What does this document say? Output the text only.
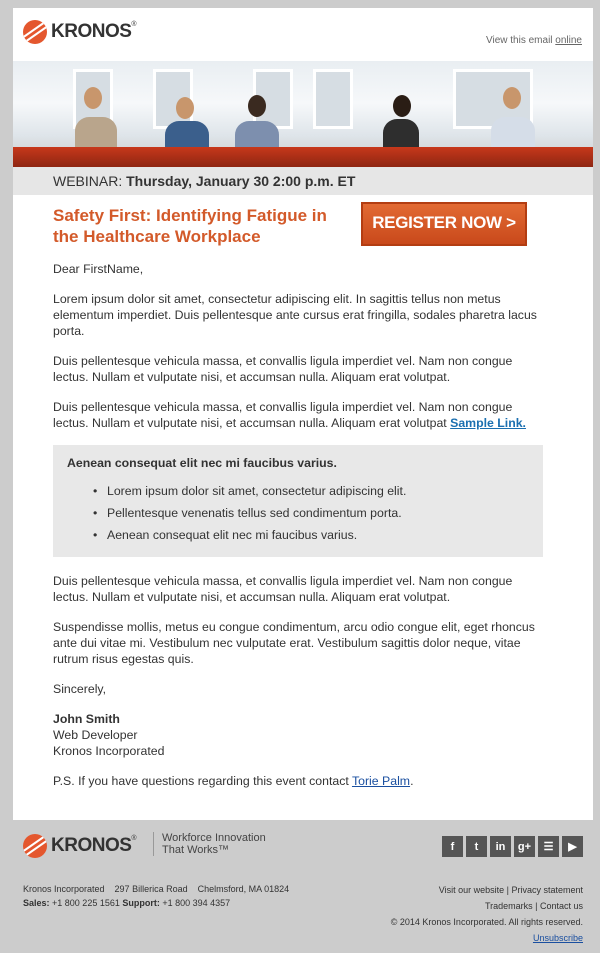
KRONOS®
View this email online
WEBINAR: Thursday, January 30 2:00 p.m. ET
Safety First: Identifying Fatigue in the Healthcare Workplace
REGISTER NOW >

Dear FirstName,

Lorem ipsum dolor sit amet, consectetur adipiscing elit. In sagittis tellus non metus elementum imperdiet. Duis pellentesque ante cursus erat fringilla, sodales pharetra lacus porta.

Duis pellentesque vehicula massa, et convallis ligula imperdiet vel. Nam non congue lectus. Nullam et vulputate nisi, et accumsan nulla. Aliquam erat volutpat.

Duis pellentesque vehicula massa, et convallis ligula imperdiet vel. Nam non congue lectus. Nullam et vulputate nisi, et accumsan nulla. Aliquam erat volutpat Sample Link.

Aenean consequat elit nec mi faucibus varius.
• Lorem ipsum dolor sit amet, consectetur adipiscing elit.
• Pellentesque venenatis tellus sed condimentum porta.
• Aenean consequat elit nec mi faucibus varius.

Duis pellentesque vehicula massa, et convallis ligula imperdiet vel. Nam non congue lectus. Nullam et vulputate nisi, et accumsan nulla. Aliquam erat volutpat.

Suspendisse mollis, metus eu congue condimentum, arcu odio congue elit, eget rhoncus ante dui vitae mi. Vestibulum nec vulputate erat. Vestibulum sagittis dolor neque, vitae rutrum risus egestas quis.

Sincerely,

John Smith
Web Developer
Kronos Incorporated

P.S. If you have questions regarding this event contact Torie Palm.

KRONOS® Workforce Innovation
That Works™	f	t	in	g+	☰	▶
Kronos Incorporated    297 Billerica Road    Chelmsford, MA 01824
Sales: +1 800 225 1561 Support: +1 800 394 4357
Visit our website | Privacy statement
Trademarks | Contact us
© 2014 Kronos Incorporated. All rights reserved.
Unsubscribe
